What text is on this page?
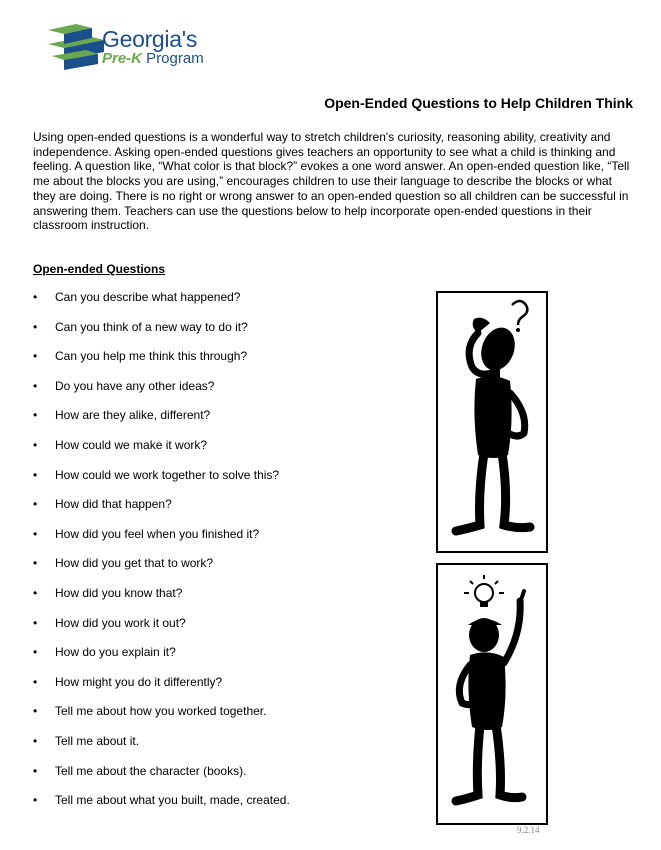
Georgia's
Pre-K Program
Open-Ended Questions to Help Children Think
Using open-ended questions is a wonderful way to stretch children's curiosity, reasoning ability, creativity and independence. Asking open-ended questions gives teachers an opportunity to see what a child is thinking and feeling. A question like, “What color is that block?” evokes a one word answer. An open-ended question like, “Tell me about the blocks you are using,” encourages children to use their language to describe the blocks or what they are doing. There is no right or wrong answer to an open-ended question so all children can be successful in answering them. Teachers can use the questions below to help incorporate open-ended questions in their classroom instruction.
Open-ended Questions
•	Can you describe what happened?
•	Can you think of a new way to do it?
•	Can you help me think this through?
•	Do you have any other ideas?
•	How are they alike, different?
•	How could we make it work?
•	How could we work together to solve this?
•	How did that happen?
•	How did you feel when you finished it?
•	How did you get that to work?
•	How did you know that?
•	How did you work it out?
•	How do you explain it?
•	How might you do it differently?
•	Tell me about how you worked together.
•	Tell me about it.
•	Tell me about the character (books).
•	Tell me about what you built, made, created.
9.2.14
